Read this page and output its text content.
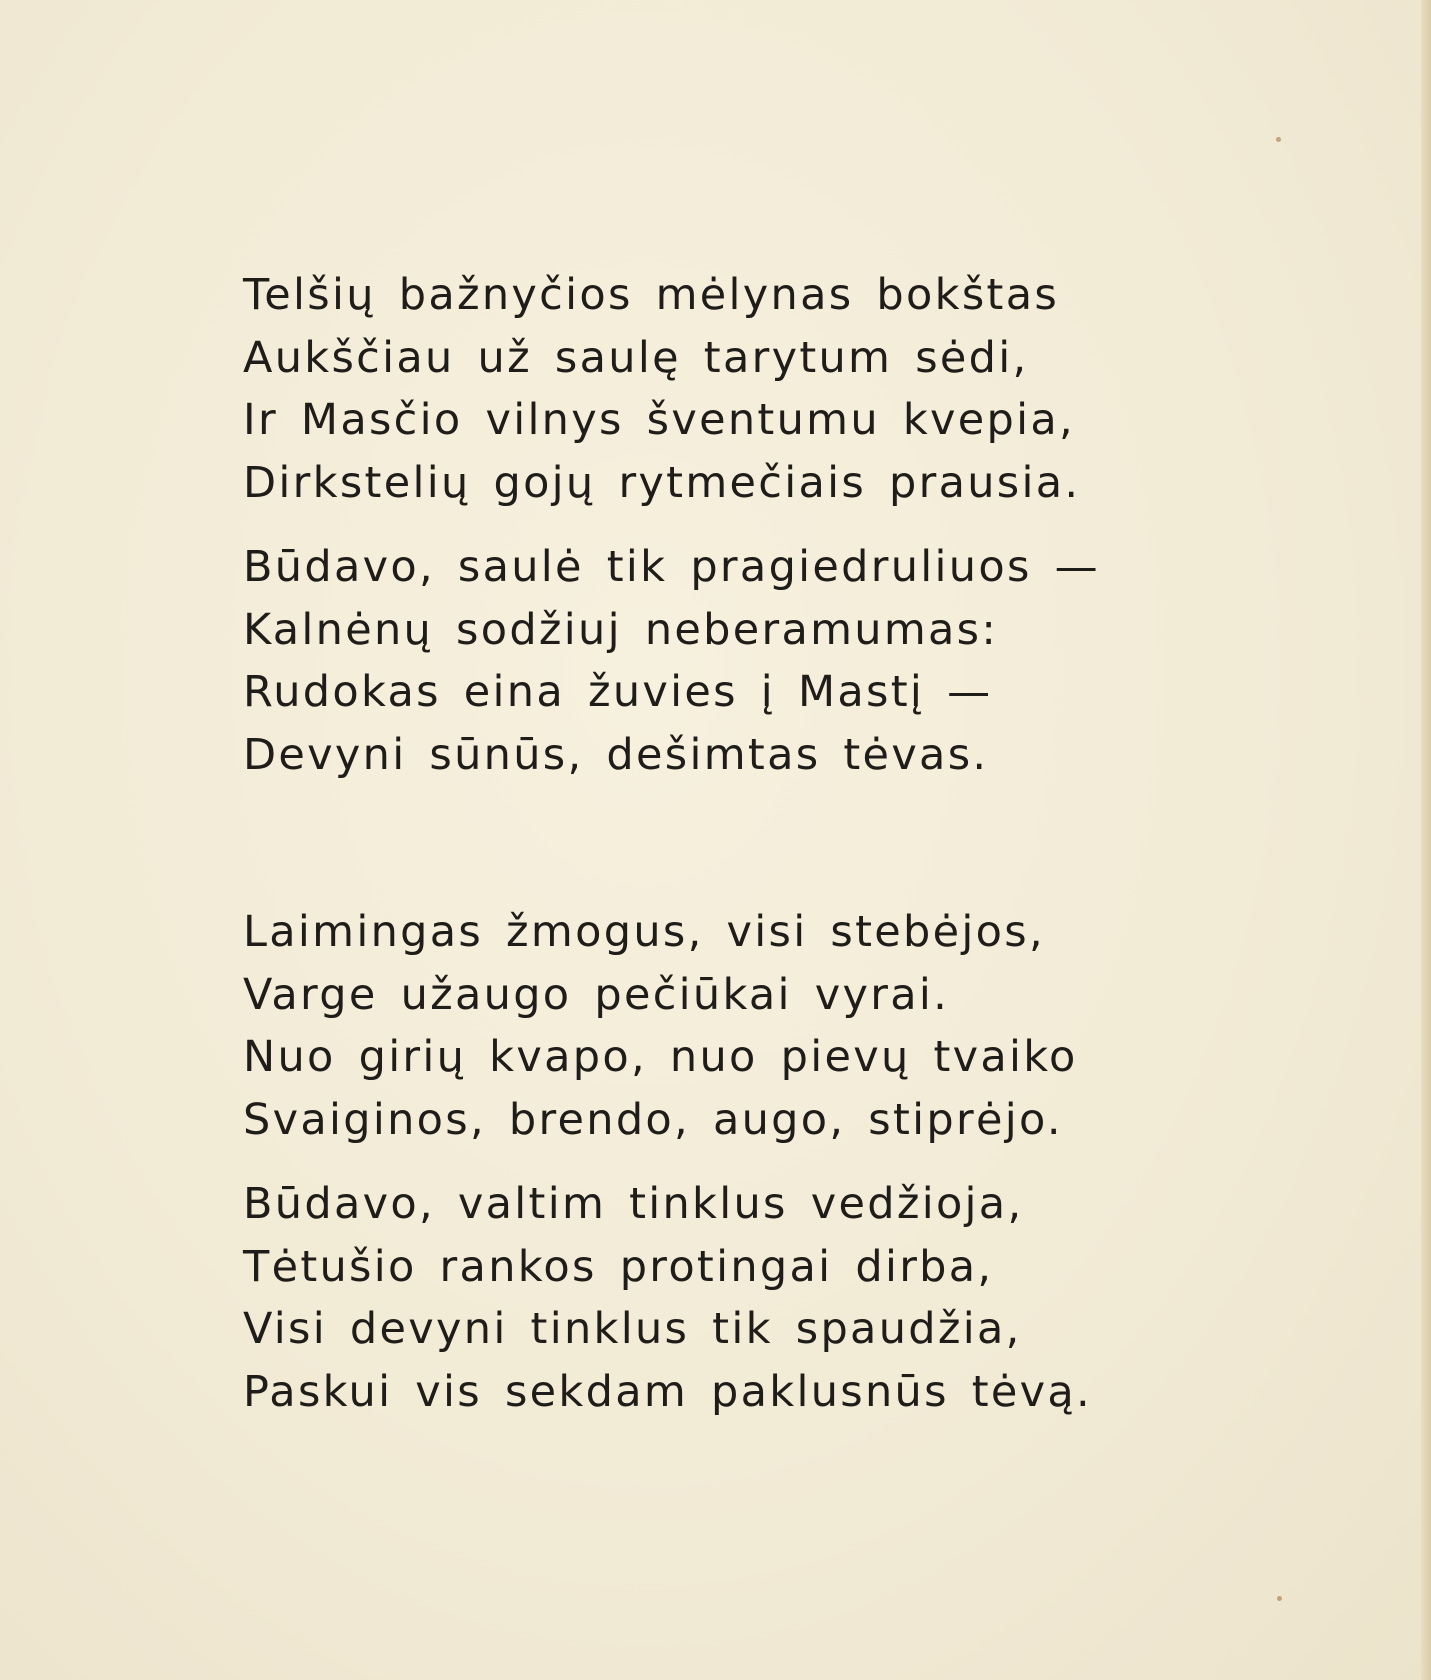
Telšių bažnyčios mėlynas bokštas
Aukščiau už saulę tarytum sėdi,
Ir Masčio vilnys šventumu kvepia,
Dirkstelių gojų rytmečiais prausia.
Būdavo, saulė tik pragiedruliuos —
Kalnėnų sodžiuj neberamumas:
Rudokas eina žuvies į Mastį —
Devyni sūnūs, dešimtas tėvas.
Laimingas žmogus, visi stebėjos,
Varge užaugo pečiūkai vyrai.
Nuo girių kvapo, nuo pievų tvaiko
Svaiginos, brendo, augo, stiprėjo.
Būdavo, valtim tinklus vedžioja,
Tėtušio rankos protingai dirba,
Visi devyni tinklus tik spaudžia,
Paskui vis sekdam paklusnūs tėvą.
